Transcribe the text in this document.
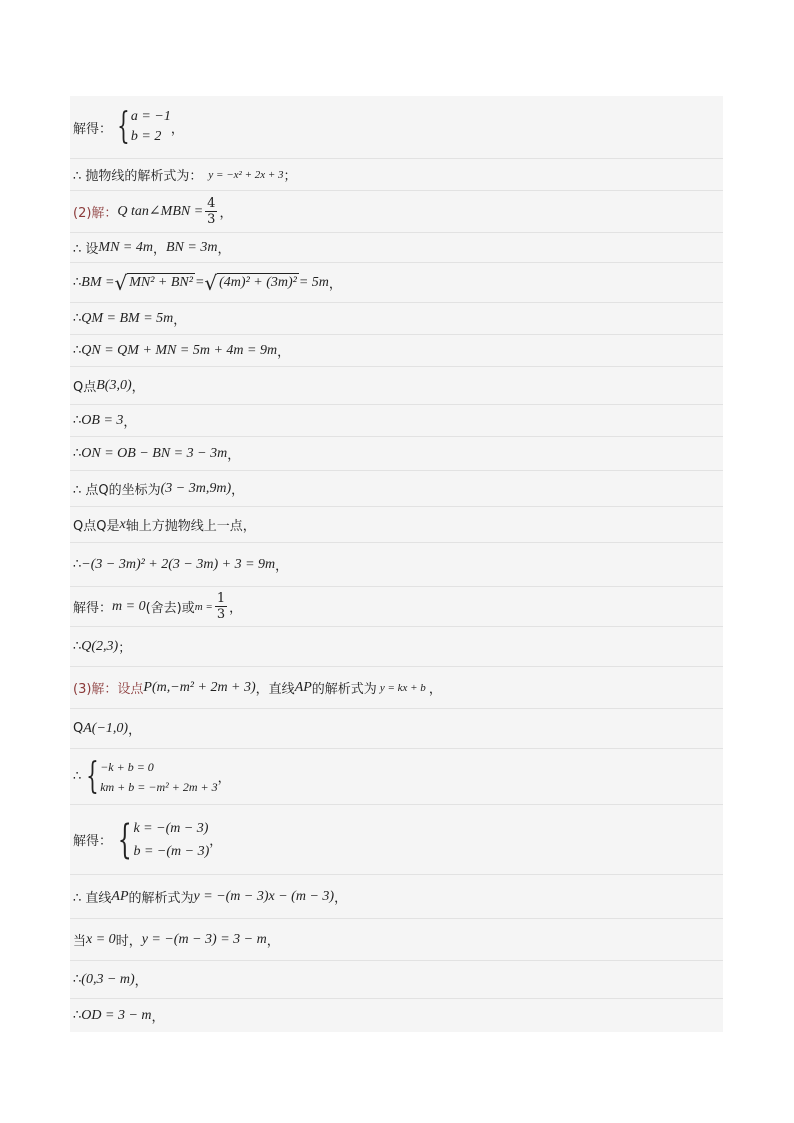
解得： { a = −1
b = 2 ，
∴ 抛物线的解析式为： y = −x² + 2x + 3 ；
(2)解： Q tan∠MBN = $\frac{4}{3}$ ，
∴ 设 MN = 4m ， BN = 3m ，
∴ BM = √ MN² + BN² = √ (4m)² + (3m)² = 5m ，
∴ QM = BM = 5m ，
∴ QN = QM + MN = 5m + 4m = 9m ，
Q点 B(3,0) ，
∴ OB = 3 ，
∴ ON = OB − BN = 3 − 3m ，
∴ 点Q的坐标为 (3 − 3m,9m) ，
Q点Q是 x 轴上方抛物线上一点，
∴ −(3 − 3m)² + 2(3 − 3m) + 3 = 9m ，
解得： m = 0 (舍去)或 $m = \frac{1}{3}$ ，
∴ Q(2,3) ；
(3)解：设点 P(m,−m² + 2m + 3) ，直线 AP 的解析式为 y = kx + b ，
Q A(−1,0) ，
∴ { −k + b = 0
km + b = −m² + 2m + 3
，
解得： { k = −(m − 3)
b = −(m − 3)
，
∴ 直线 AP 的解析式为 y = −(m − 3)x − (m − 3) ，
当 x = 0 时， y = −(m − 3) = 3 − m ，
∴ (0,3 − m) ，
∴ OD = 3 − m ，
